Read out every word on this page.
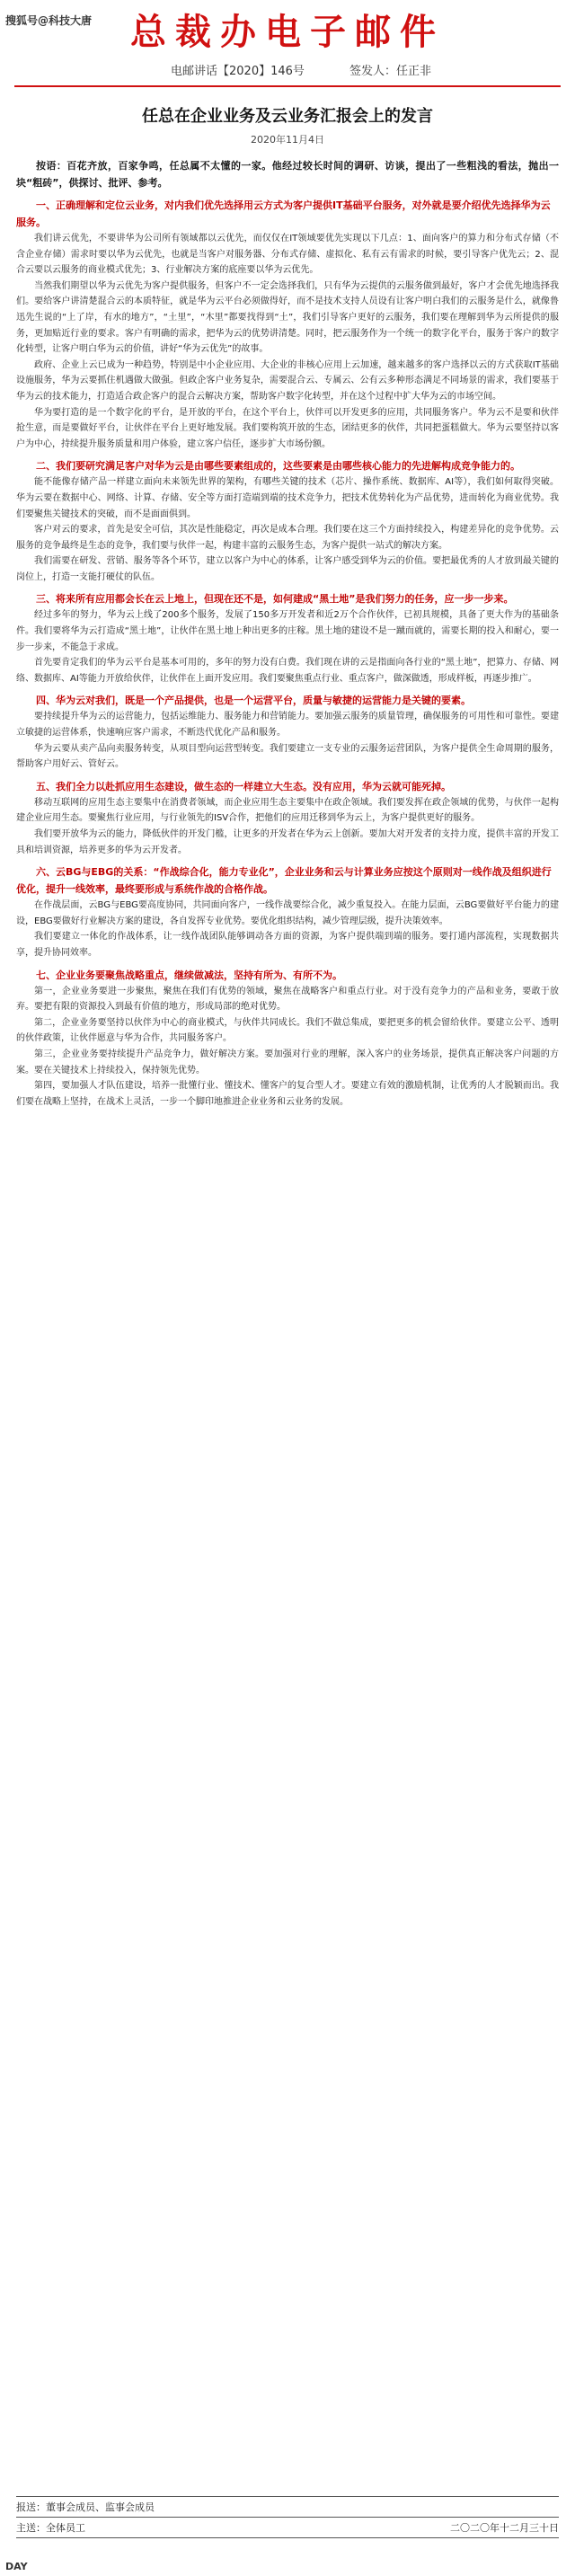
搜狐号@科技大唐	总裁办电子邮件
电邮讲话【2020】146号	签发人：任正非
任总在企业业务及云业务汇报会上的发言
2020年11月4日

按语：百花齐放，百家争鸣，任总属不太懂的一家。他经过较长时间的调研、访谈，提出了一些粗浅的看法，抛出一块“粗砖”，供探讨、批评、参考。

一、正确理解和定位云业务，对内我们优先选择用云方式为客户提供IT基础平台服务，对外就是要介绍优先选择华为云服务。

我们讲云优先，不要讲华为公司所有领域都以云优先，而仅仅在IT领域要优先实现以下几点：1、面向客户的算力和分布式存储（不含企业存储）需求时要以华为云优先，也就是当客户对服务器、分布式存储、虚拟化、私有云有需求的时候，要引导客户优先云；2、混合云要以云服务的商业模式优先；3、行业解决方案的底座要以华为云优先。

当然我们期望以华为云优先为客户提供服务，但客户不一定会选择我们，只有华为云提供的云服务做到最好，客户才会优先地选择我们。要给客户讲清楚混合云的本质特征，就是华为云平台必须做得好，而不是技术支持人员设有让客户明白我们的云服务是什么，就像鲁迅先生说的“上了岸，有水的地方”，“土里”，“木里”都要找得到“土”，我们引导客户更好的云服务，我们要在理解到华为云所提供的服务，更加贴近行业的要求。客户有明确的需求，把华为云的优势讲清楚。同时，把云服务作为一个统一的数字化平台，服务于客户的数字化转型，让客户明白华为云的价值，讲好“华为云优先”的故事。

政府、企业上云已成为一种趋势，特别是中小企业应用、大企业的非核心应用上云加速，越来越多的客户选择以云的方式获取IT基础设施服务，华为云要抓住机遇做大做强。但政企客户业务复杂，需要混合云、专属云、公有云多种形态满足不同场景的需求，我们要基于华为云的技术能力，打造适合政企客户的混合云解决方案，帮助客户数字化转型，并在这个过程中扩大华为云的市场空间。

华为要打造的是一个数字化的平台，是开放的平台，在这个平台上，伙伴可以开发更多的应用，共同服务客户。华为云不是要和伙伴抢生意，而是要做好平台，让伙伴在平台上更好地发展。我们要构筑开放的生态，团结更多的伙伴，共同把蛋糕做大。华为云要坚持以客户为中心，持续提升服务质量和用户体验，建立客户信任，逐步扩大市场份额。

二、我们要研究满足客户对华为云是由哪些要素组成的，这些要素是由哪些核心能力的先进解构成竞争能力的。

能不能像存储产品一样建立面向未来领先世界的架构，有哪些关键的技术（芯片、操作系统、数据库、AI等），我们如何取得突破。华为云要在数据中心、网络、计算、存储、安全等方面打造端到端的技术竞争力，把技术优势转化为产品优势，进而转化为商业优势。我们要聚焦关键技术的突破，而不是面面俱到。

客户对云的要求，首先是安全可信，其次是性能稳定，再次是成本合理。我们要在这三个方面持续投入，构建差异化的竞争优势。云服务的竞争最终是生态的竞争，我们要与伙伴一起，构建丰富的云服务生态，为客户提供一站式的解决方案。

我们需要在研发、营销、服务等各个环节，建立以客户为中心的体系，让客户感受到华为云的价值。要把最优秀的人才放到最关键的岗位上，打造一支能打硬仗的队伍。

三、将来所有应用都会长在云上地上，但现在还不是，如何建成“黑土地”是我们努力的任务，应一步一步来。

经过多年的努力，华为云上线了200多个服务，发展了150多万开发者和近2万个合作伙伴，已初具规模，具备了更大作为的基础条件。我们要将华为云打造成“黑土地”，让伙伴在黑土地上种出更多的庄稼。黑土地的建设不是一蹴而就的，需要长期的投入和耐心，要一步一步来，不能急于求成。

首先要肯定我们的华为云平台是基本可用的，多年的努力没有白费。我们现在讲的云是指面向各行业的“黑土地”，把算力、存储、网络、数据库、AI等能力开放给伙伴，让伙伴在上面开发应用。我们要聚焦重点行业、重点客户，做深做透，形成样板，再逐步推广。

四、华为云对我们，既是一个产品提供，也是一个运营平台，质量与敏捷的运营能力是关键的要素。

要持续提升华为云的运营能力，包括运维能力、服务能力和营销能力。要加强云服务的质量管理，确保服务的可用性和可靠性。要建立敏捷的运营体系，快速响应客户需求，不断迭代优化产品和服务。

华为云要从卖产品向卖服务转变，从项目型向运营型转变。我们要建立一支专业的云服务运营团队，为客户提供全生命周期的服务，帮助客户用好云、管好云。

五、我们全力以赴抓应用生态建设，做生态的一样建立大生态。没有应用，华为云就可能死掉。

移动互联网的应用生态主要集中在消费者领域，而企业应用生态主要集中在政企领域。我们要发挥在政企领域的优势，与伙伴一起构建企业应用生态。要聚焦行业应用，与行业领先的ISV合作，把他们的应用迁移到华为云上，为客户提供更好的服务。

我们要开放华为云的能力，降低伙伴的开发门槛，让更多的开发者在华为云上创新。要加大对开发者的支持力度，提供丰富的开发工具和培训资源，培养更多的华为云开发者。

六、云BG与EBG的关系：“作战综合化，能力专业化”，企业业务和云与计算业务应按这个原则对一线作战及组织进行优化，提升一线效率，最终要形成与系统作战的合格作战。

在作战层面，云BG与EBG要高度协同，共同面向客户，一线作战要综合化，减少重复投入。在能力层面，云BG要做好平台能力的建设，EBG要做好行业解决方案的建设，各自发挥专业优势。要优化组织结构，减少管理层级，提升决策效率。

我们要建立一体化的作战体系，让一线作战团队能够调动各方面的资源，为客户提供端到端的服务。要打通内部流程，实现数据共享，提升协同效率。

七、企业业务要聚焦战略重点，继续做减法，坚持有所为、有所不为。

第一，企业业务要进一步聚焦，聚焦在我们有优势的领域，聚焦在战略客户和重点行业。对于没有竞争力的产品和业务，要敢于放弃。要把有限的资源投入到最有价值的地方，形成局部的绝对优势。

第二，企业业务要坚持以伙伴为中心的商业模式，与伙伴共同成长。我们不做总集成，要把更多的机会留给伙伴。要建立公平、透明的伙伴政策，让伙伴愿意与华为合作，共同服务客户。

第三，企业业务要持续提升产品竞争力，做好解决方案。要加强对行业的理解，深入客户的业务场景，提供真正解决客户问题的方案。要在关键技术上持续投入，保持领先优势。

第四，要加强人才队伍建设，培养一批懂行业、懂技术、懂客户的复合型人才。要建立有效的激励机制，让优秀的人才脱颖而出。我们要在战略上坚持，在战术上灵活，一步一个脚印地推进企业业务和云业务的发展。

报送：董事会成员、监事会成员
主送：全体员工	二〇二〇年十二月三十日
DAY
